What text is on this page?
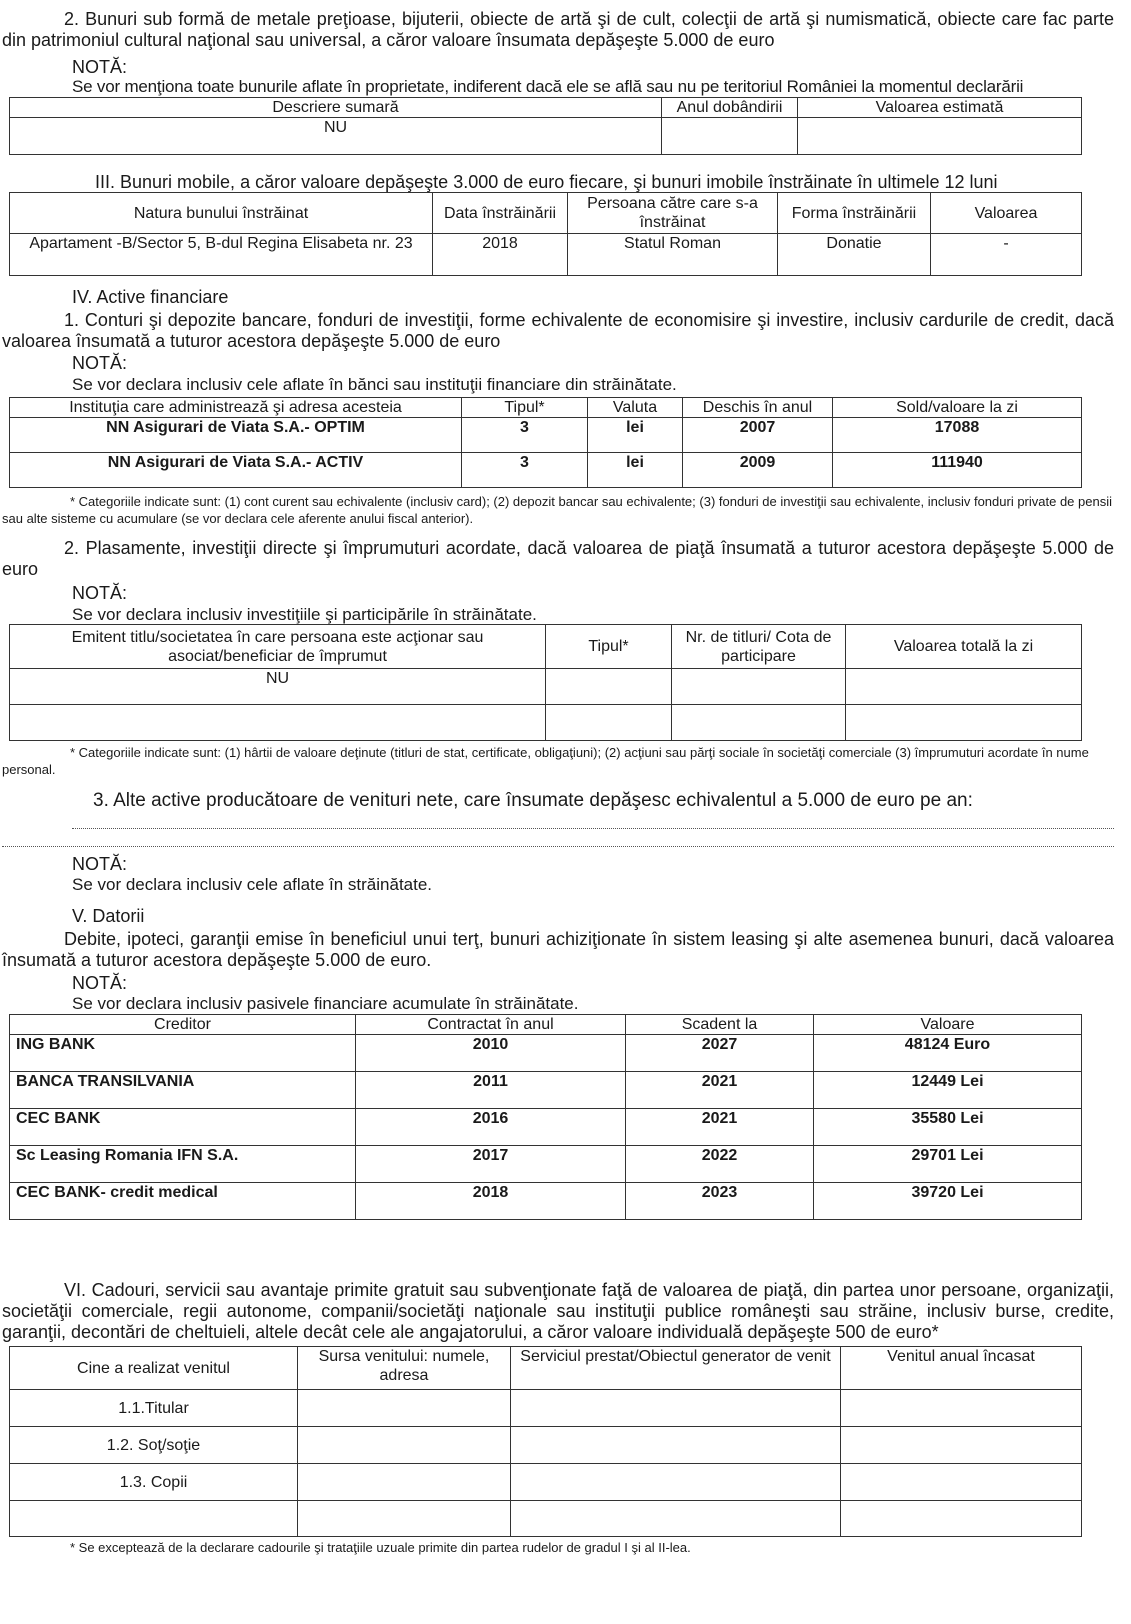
2. Bunuri sub formă de metale preţioase, bijuterii, obiecte de artă şi de cult, colecţii de artă şi numismatică, obiecte care fac parte din patrimoniul cultural naţional sau universal, a căror valoare însumata depăşeşte 5.000 de euro
NOTĂ:
Se vor menţiona toate bunurile aflate în proprietate, indiferent dacă ele se află sau nu pe teritoriul României la momentul declarării
Descriere sumară	Anul dobândirii	Valoarea estimată
NU		
III. Bunuri mobile, a căror valoare depăşeşte 3.000 de euro fiecare, şi bunuri imobile înstrăinate în ultimele 12 luni
Natura bunului înstrăinat	Data înstrăinării	Persoana către care s-a înstrăinat	Forma înstrăinării	Valoarea
Apartament -B/Sector 5, B-dul Regina Elisabeta nr. 23	2018	Statul Roman	Donatie	-
IV. Active financiare
1. Conturi şi depozite bancare, fonduri de investiţii, forme echivalente de economisire şi investire, inclusiv cardurile de credit, dacă valoarea însumată a tuturor acestora depăşeşte 5.000 de euro
NOTĂ:
Se vor declara inclusiv cele aflate în bănci sau instituţii financiare din străinătate.
Instituţia care administrează şi adresa acesteia	Tipul*	Valuta	Deschis în anul	Sold/valoare la zi
NN Asigurari de Viata S.A.- OPTIM	3	lei	2007	17088
NN Asigurari de Viata S.A.- ACTIV	3	lei	2009	111940
* Categoriile indicate sunt: (1) cont curent sau echivalente (inclusiv card); (2) depozit bancar sau echivalente; (3) fonduri de investiţii sau echivalente, inclusiv fonduri private de pensii sau alte sisteme cu acumulare (se vor declara cele aferente anului fiscal anterior).
2. Plasamente, investiţii directe şi împrumuturi acordate, dacă valoarea de piaţă însumată a tuturor acestora depăşeşte 5.000 de euro
NOTĂ:
Se vor declara inclusiv investiţiile şi participările în străinătate.
Emitent titlu/societatea în care persoana este acţionar sau asociat/beneficiar de împrumut	Tipul*	Nr. de titluri/ Cota de participare	Valoarea totală la zi
NU			

* Categoriile indicate sunt: (1) hârtii de valoare deţinute (titluri de stat, certificate, obligaţiuni); (2) acţiuni sau părţi sociale în societăţi comerciale (3) împrumuturi acordate în nume personal.
3. Alte active producătoare de venituri nete, care însumate depăşesc echivalentul a 5.000 de euro pe an:
NOTĂ:
Se vor declara inclusiv cele aflate în străinătate.
V. Datorii
Debite, ipoteci, garanţii emise în beneficiul unui terţ, bunuri achiziţionate în sistem leasing şi alte asemenea bunuri, dacă valoarea însumată a tuturor acestora depăşeşte 5.000 de euro.
NOTĂ:
Se vor declara inclusiv pasivele financiare acumulate în străinătate.
Creditor	Contractat în anul	Scadent la	Valoare
ING BANK	2010	2027	48124 Euro
BANCA TRANSILVANIA	2011	2021	12449 Lei
CEC BANK	2016	2021	35580 Lei
Sc Leasing Romania IFN S.A.	2017	2022	29701 Lei
CEC BANK- credit medical	2018	2023	39720 Lei
VI. Cadouri, servicii sau avantaje primite gratuit sau subvenţionate faţă de valoarea de piaţă, din partea unor persoane, organizaţii, societăţii comerciale, regii autonome, companii/societăţi naţionale sau instituţii publice româneşti sau străine, inclusiv burse, credite, garanţii, decontări de cheltuieli, altele decât cele ale angajatorului, a căror valoare individuală depăşeşte 500 de euro*
Cine a realizat venitul	Sursa venitului: numele, adresa	Serviciul prestat/Obiectul generator de venit	Venitul anual încasat
1.1.Titular			
1.2. Soţ/soţie			
1.3. Copii			

* Se exceptează de la declarare cadourile şi trataţiile uzuale primite din partea rudelor de gradul I şi al II-lea.
